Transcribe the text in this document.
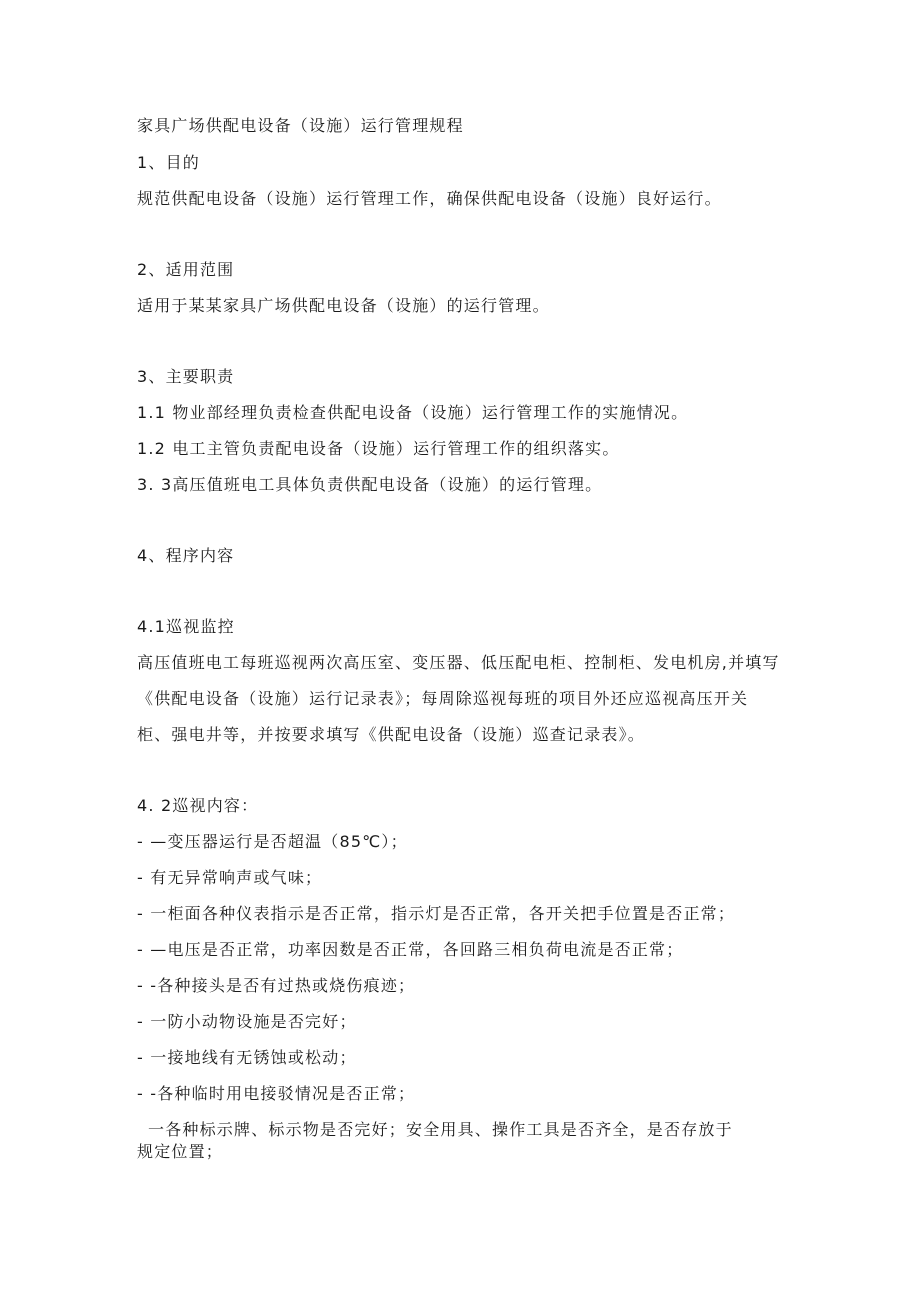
家具广场供配电设备（设施）运行管理规程
1、目的
规范供配电设备（设施）运行管理工作，确保供配电设备（设施）良好运行。
2、适用范围
适用于某某家具广场供配电设备（设施）的运行管理。
3、主要职责
1.1 物业部经理负责检查供配电设备（设施）运行管理工作的实施情况。
1.2 电工主管负责配电设备（设施）运行管理工作的组织落实。
3. 3高压值班电工具体负责供配电设备（设施）的运行管理。
4、程序内容
4.1巡视监控
高压值班电工每班巡视两次高压室、变压器、低压配电柜、控制柜、发电机房,并填写
《供配电设备（设施）运行记录表》；每周除巡视每班的项目外还应巡视高压开关
柜、强电井等，并按要求填写《供配电设备（设施）巡查记录表》。
4. 2巡视内容：
- —变压器运行是否超温（85℃）；
- 有无异常响声或气味；
- 一柜面各种仪表指示是否正常，指示灯是否正常，各开关把手位置是否正常；
- —电压是否正常，功率因数是否正常，各回路三相负荷电流是否正常；
- -各种接头是否有过热或烧伤痕迹；
- 一防小动物设施是否完好；
- 一接地线有无锈蚀或松动；
- -各种临时用电接驳情况是否正常；
一各种标示牌、标示物是否完好；安全用具、操作工具是否齐全，是否存放于
规定位置；
